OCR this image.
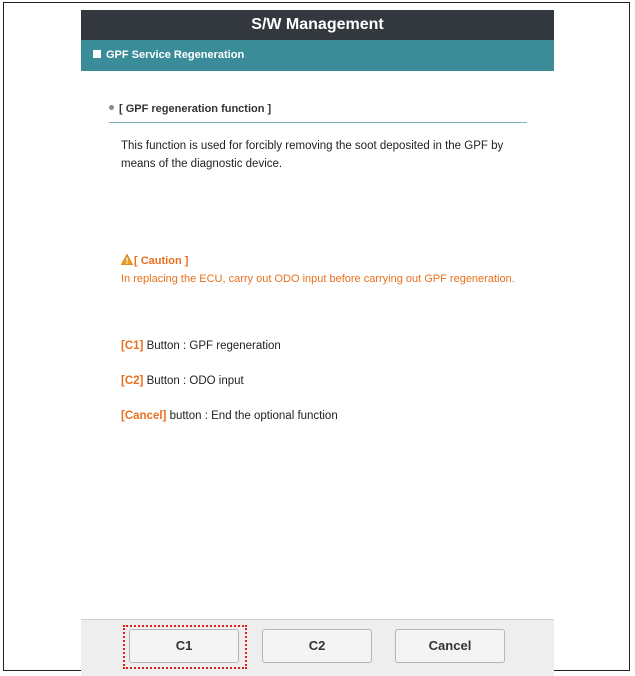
S/W Management
GPF Service Regeneration
[ GPF regeneration function ]
This function is used for forcibly removing the soot deposited in the GPF by means of the diagnostic device.
[ Caution ]
In replacing the ECU, carry out ODO input before carrying out GPF regeneration.
[C1] Button : GPF regeneration
[C2] Button : ODO input
[Cancel] button : End the optional function
C1	C2	Cancel
